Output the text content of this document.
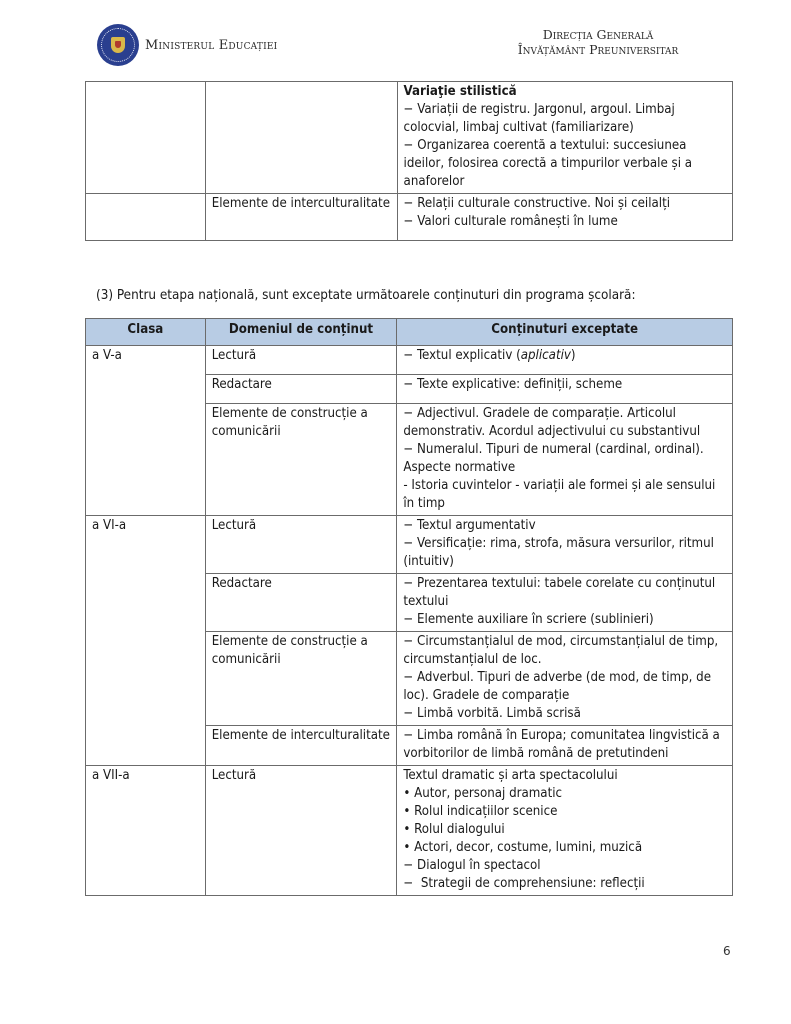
Ministerul Educației
Direcția Generală
Învățământ Preuniversitar

		Variaţie stilistică
− Variații de registru. Jargonul, argoul. Limbaj colocvial, limbaj cultivat (familiarizare)
− Organizarea coerentă a textului: succesiunea ideilor, folosirea corectă a timpurilor verbale și a anaforelor

	Elemente de interculturalitate	− Relații culturale constructive. Noi și ceilalți
− Valori culturale românești în lume
(3) Pentru etapa națională, sunt exceptate următoarele conținuturi din programa școlară:
Clasa	Domeniul de conținut	Conținuturi exceptate
a V-a	Lectură	− Textul explicativ (aplicativ)
	Redactare	− Texte explicative: definiții, scheme

	Elemente de construcție a comunicării	− Adjectivul. Gradele de comparație. Articolul demonstrativ. Acordul adjectivului cu substantivul
− Numeralul. Tipuri de numeral (cardinal, ordinal). Aspecte normative
- Istoria cuvintelor - variații ale formei și ale sensului în timp

a VI-a	Lectură	− Textul argumentativ
− Versificație: rima, strofa, măsura versurilor, ritmul (intuitiv)

	Redactare	− Prezentarea textului: tabele corelate cu conținutul textului
− Elemente auxiliare în scriere (sublinieri)

	Elemente de construcție a comunicării	− Circumstanțialul de mod, circumstanțialul de timp, circumstanțialul de loc.
− Adverbul. Tipuri de adverbe (de mod, de timp, de loc). Gradele de comparație
− Limbă vorbită. Limbă scrisă

	Elemente de interculturalitate	− Limba română în Europa; comunitatea lingvistică a vorbitorilor de limbă română de pretutindeni

a VII-a	Lectură	Textul dramatic și arta spectacolului
• Autor, personaj dramatic
• Rolul indicațiilor scenice
• Rolul dialogului
• Actori, decor, costume, lumini, muzică
− Dialogul în spectacol
−  Strategii de comprehensiune: reflecții
6
